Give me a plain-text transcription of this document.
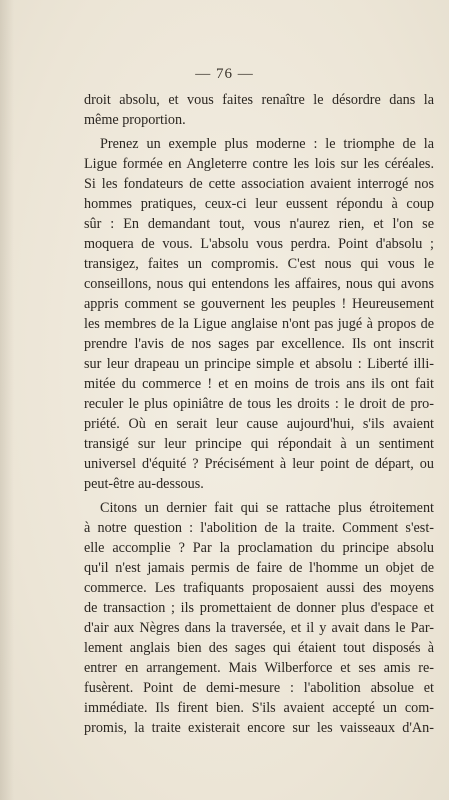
— 76 —
droit absolu, et vous faites renaître le désordre dans la
même proportion.
Prenez un exemple plus moderne : le triomphe de la
Ligue formée en Angleterre contre les lois sur les céréales.
Si les fondateurs de cette association avaient interrogé nos
hommes pratiques, ceux-ci leur eussent répondu à coup
sûr : En demandant tout, vous n'aurez rien, et l'on se
moquera de vous. L'absolu vous perdra. Point d'absolu ;
transigez, faites un compromis. C'est nous qui vous le
conseillons, nous qui entendons les affaires, nous qui avons
appris comment se gouvernent les peuples ! Heureusement
les membres de la Ligue anglaise n'ont pas jugé à propos de
prendre l'avis de nos sages par excellence. Ils ont inscrit
sur leur drapeau un principe simple et absolu : Liberté illi-
mitée du commerce ! et en moins de trois ans ils ont fait
reculer le plus opiniâtre de tous les droits : le droit de pro-
priété. Où en serait leur cause aujourd'hui, s'ils avaient
transigé sur leur principe qui répondait à un sentiment
universel d'équité ? Précisément à leur point de départ, ou
peut-être au-dessous.
Citons un dernier fait qui se rattache plus étroitement
à notre question : l'abolition de la traite. Comment s'est-
elle accomplie ? Par la proclamation du principe absolu
qu'il n'est jamais permis de faire de l'homme un objet de
commerce. Les trafiquants proposaient aussi des moyens
de transaction ; ils promettaient de donner plus d'espace et
d'air aux Nègres dans la traversée, et il y avait dans le Par-
lement anglais bien des sages qui étaient tout disposés à
entrer en arrangement. Mais Wilberforce et ses amis re-
fusèrent. Point de demi-mesure : l'abolition absolue et
immédiate. Ils firent bien. S'ils avaient accepté un com-
promis, la traite existerait encore sur les vaisseaux d'An-
